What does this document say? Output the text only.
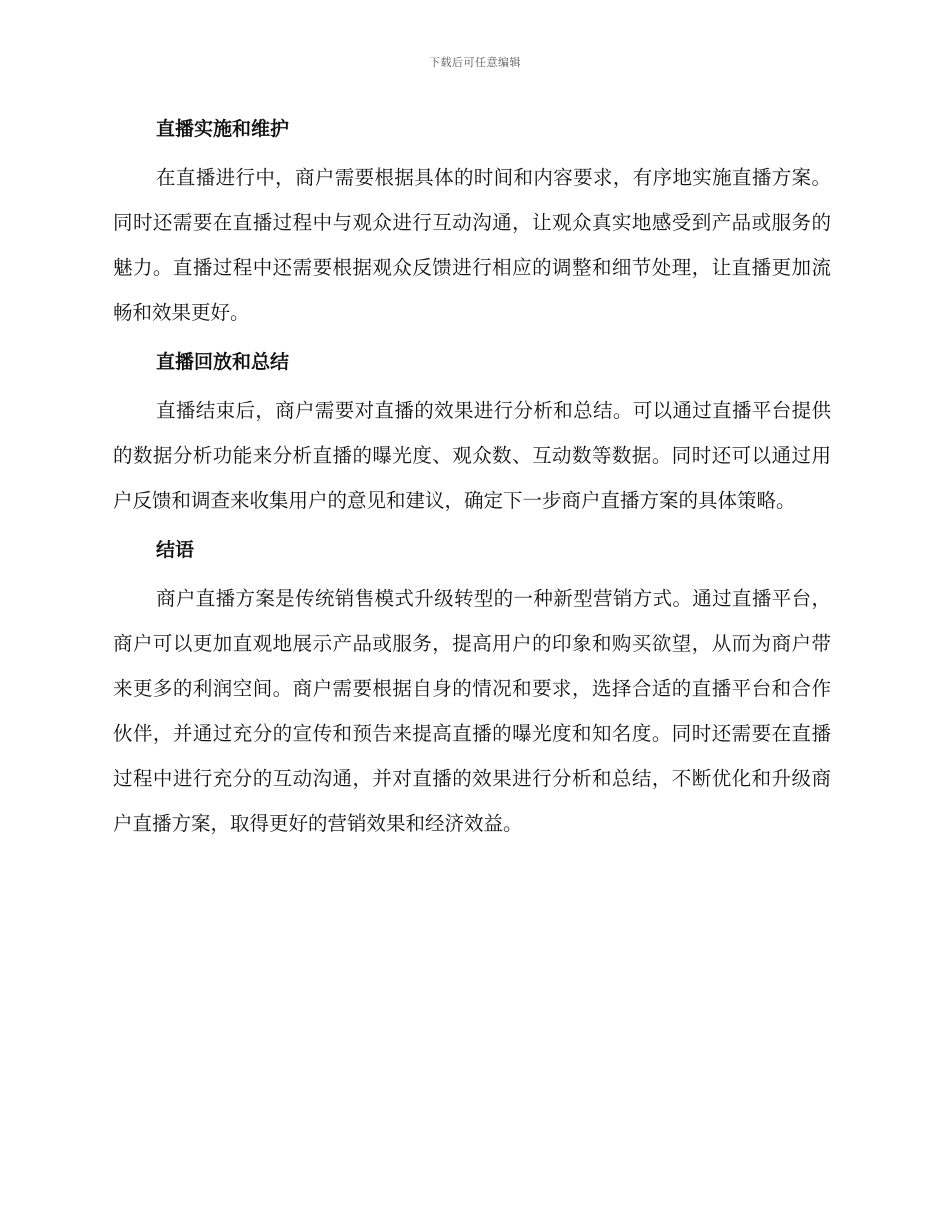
下载后可任意编辑
直播实施和维护

在直播进行中，商户需要根据具体的时间和内容要求，有序地实施直播方案。同时还需要在直播过程中与观众进行互动沟通，让观众真实地感受到产品或服务的魅力。直播过程中还需要根据观众反馈进行相应的调整和细节处理，让直播更加流畅和效果更好。

直播回放和总结

直播结束后，商户需要对直播的效果进行分析和总结。可以通过直播平台提供的数据分析功能来分析直播的曝光度、观众数、互动数等数据。同时还可以通过用户反馈和调查来收集用户的意见和建议，确定下一步商户直播方案的具体策略。

结语

商户直播方案是传统销售模式升级转型的一种新型营销方式。通过直播平台，商户可以更加直观地展示产品或服务，提高用户的印象和购买欲望，从而为商户带来更多的利润空间。商户需要根据自身的情况和要求，选择合适的直播平台和合作伙伴，并通过充分的宣传和预告来提高直播的曝光度和知名度。同时还需要在直播过程中进行充分的互动沟通，并对直播的效果进行分析和总结，不断优化和升级商户直播方案，取得更好的营销效果和经济效益。
